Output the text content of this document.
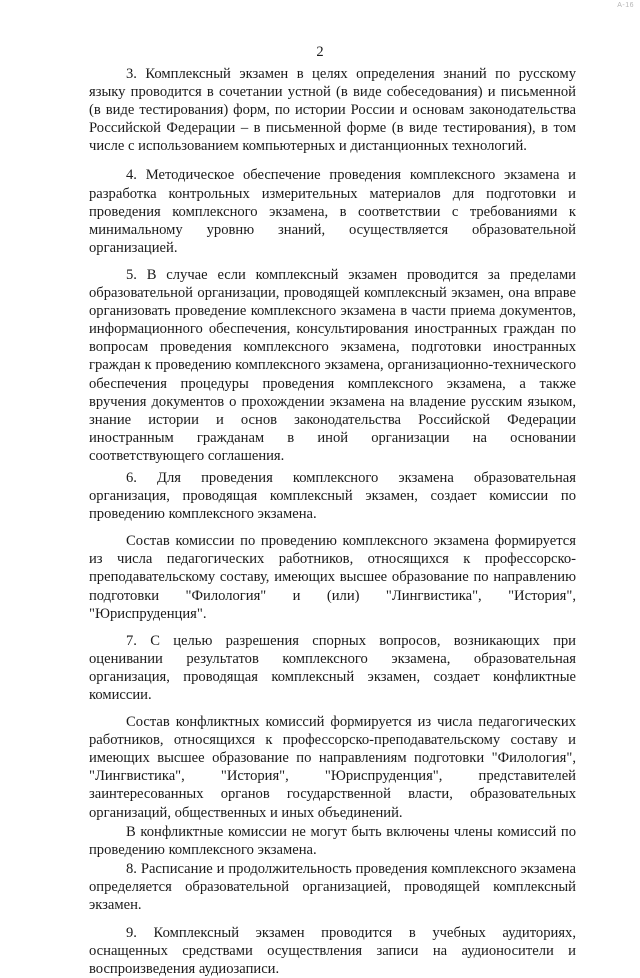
A-16
2

3. Комплексный экзамен в целях определения знаний по русскому языку проводится в сочетании устной (в виде собеседования) и письменной (в виде тестирования) форм, по истории России и основам законодательства Российской Федерации – в письменной форме (в виде тестирования), в том числе с использованием компьютерных и дистанционных технологий.

4. Методическое обеспечение проведения комплексного экзамена и разработка контрольных измерительных материалов для подготовки и проведения комплексного экзамена, в соответствии с требованиями к минимальному уровню знаний, осуществляется образовательной организацией.

5. В случае если комплексный экзамен проводится за пределами образовательной организации, проводящей комплексный экзамен, она вправе организовать проведение комплексного экзамена в части приема документов, информационного обеспечения, консультирования иностранных граждан по вопросам проведения комплексного экзамена, подготовки иностранных граждан к проведению комплексного экзамена, организационно-технического обеспечения процедуры проведения комплексного экзамена, а также вручения документов о прохождении экзамена на владение русским языком, знание истории и основ законодательства Российской Федерации иностранным гражданам в иной организации на основании соответствующего соглашения.

6. Для проведения комплексного экзамена образовательная организация, проводящая комплексный экзамен, создает комиссии по проведению комплексного экзамена.

Состав комиссии по проведению комплексного экзамена формируется из числа педагогических работников, относящихся к профессорско-преподавательскому составу, имеющих высшее образование по направлению подготовки "Филология" и (или) "Лингвистика", "История", "Юриспруденция".

7. С целью разрешения спорных вопросов, возникающих при оценивании результатов комплексного экзамена, образовательная организация, проводящая комплексный экзамен, создает конфликтные комиссии.

Состав конфликтных комиссий формируется из числа педагогических работников, относящихся к профессорско-преподавательскому составу и имеющих высшее образование по направлениям подготовки "Филология", "Лингвистика", "История", "Юриспруденция", представителей заинтересованных органов государственной власти, образовательных организаций, общественных и иных объединений.

В конфликтные комиссии не могут быть включены члены комиссий по проведению комплексного экзамена.

8. Расписание и продолжительность проведения комплексного экзамена определяется образовательной организацией, проводящей комплексный экзамен.

9. Комплексный экзамен проводится в учебных аудиториях, оснащенных средствами осуществления записи на аудионосители и воспроизведения аудиозаписи.
